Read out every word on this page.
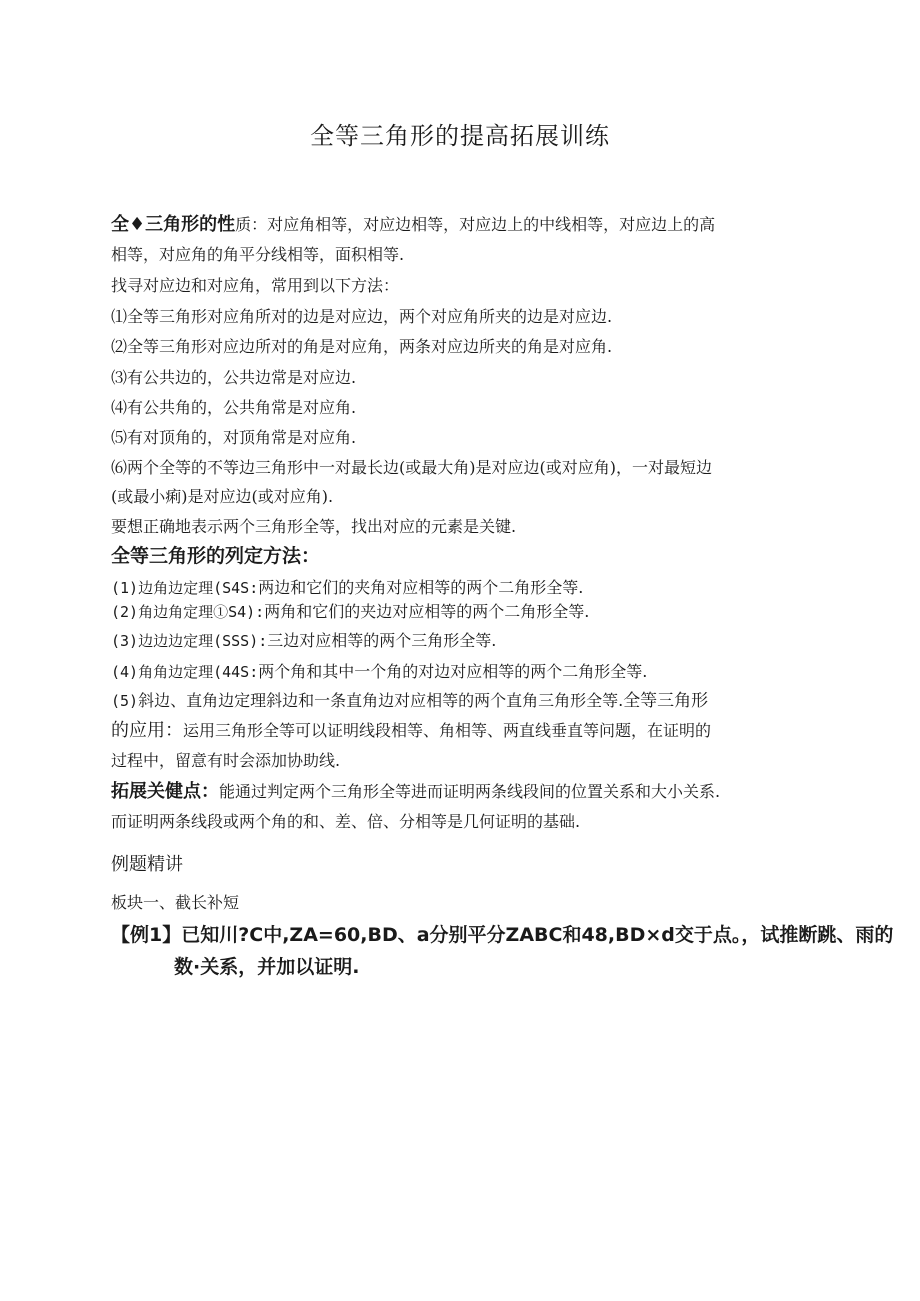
全等三角形的提高拓展训练
全♦三角形的性质：对应角相等，对应边相等，对应边上的中线相等，对应边上的高
相等，对应角的角平分线相等，面积相等.
找寻对应边和对应角，常用到以下方法：
⑴全等三角形对应角所对的边是对应边，两个对应角所夹的边是对应边.
⑵全等三角形对应边所对的角是对应角，两条对应边所夹的角是对应角.
⑶有公共边的，公共边常是对应边.
⑷有公共角的，公共角常是对应角.
⑸有对顶角的，对顶角常是对应角.
⑹两个全等的不等边三角形中一对最长边(或最大角)是对应边(或对应角)，一对最短边
(或最小痢)是对应边(或对应角).
要想正确地表示两个三角形全等，找出对应的元素是关键.
全等三角形的列定方法：
(1)边角边定理(S4S:两边和它们的夹角对应相等的两个二角形全等.
(2)角边角定理①S4):两角和它们的夹边对应相等的两个二角形全等.
(3)边边边定理(SSS):三边对应相等的两个三角形全等.
(4)角角边定理(44S:两个角和其中一个角的对边对应相等的两个二角形全等.
(5)斜边、直角边定理斜边和一条直角边对应相等的两个直角三角形全等.全等三角形
的应用：运用三角形全等可以证明线段相等、角相等、两直线垂直等问题，在证明的
过程中，留意有时会添加协助线.
拓展关健点：能通过判定两个三角形全等进而证明两条线段间的位置关系和大小关系.
而证明两条线段或两个角的和、差、倍、分相等是几何证明的基础.
例题精讲
板块一、截长补短
【例1】已知川?C中,ZA=60,BD、a分别平分ZABC和48,BD×d交于点。，试推断跳、雨的
数·关系，并加以证明.
